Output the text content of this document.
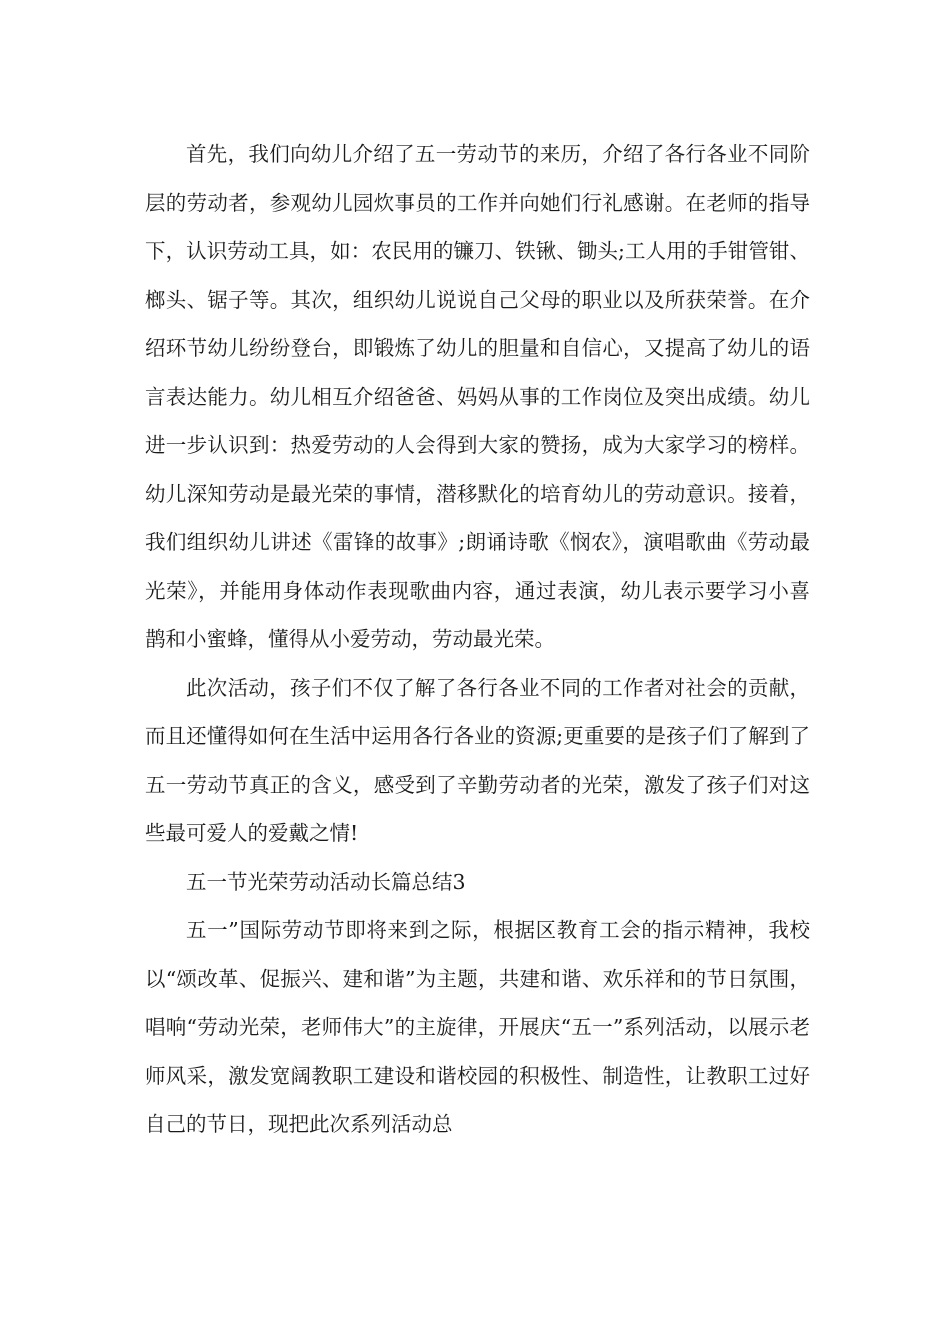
首先，我们向幼儿介绍了五一劳动节的来历，介绍了各行各业不同阶层的劳动者，参观幼儿园炊事员的工作并向她们行礼感谢。在老师的指导下，认识劳动工具，如：农民用的镰刀、铁锹、锄头;工人用的手钳管钳、榔头、锯子等。其次，组织幼儿说说自己父母的职业以及所获荣誉。在介绍环节幼儿纷纷登台，即锻炼了幼儿的胆量和自信心，又提高了幼儿的语言表达能力。幼儿相互介绍爸爸、妈妈从事的工作岗位及突出成绩。幼儿进一步认识到：热爱劳动的人会得到大家的赞扬，成为大家学习的榜样。幼儿深知劳动是最光荣的事情，潜移默化的培育幼儿的劳动意识。接着，我们组织幼儿讲述《雷锋的故事》;朗诵诗歌《悯农》，演唱歌曲《劳动最光荣》，并能用身体动作表现歌曲内容，通过表演，幼儿表示要学习小喜鹊和小蜜蜂，懂得从小爱劳动，劳动最光荣。

此次活动，孩子们不仅了解了各行各业不同的工作者对社会的贡献，而且还懂得如何在生活中运用各行各业的资源;更重要的是孩子们了解到了五一劳动节真正的含义，感受到了辛勤劳动者的光荣，激发了孩子们对这些最可爱人的爱戴之情!

五一节光荣劳动活动长篇总结3

五一”国际劳动节即将来到之际，根据区教育工会的指示精神，我校以“颂改革、促振兴、建和谐”为主题，共建和谐、欢乐祥和的节日氛围，唱响“劳动光荣，老师伟大”的主旋律，开展庆“五一”系列活动，以展示老师风采，激发宽阔教职工建设和谐校园的积极性、制造性，让教职工过好自己的节日，现把此次系列活动总
